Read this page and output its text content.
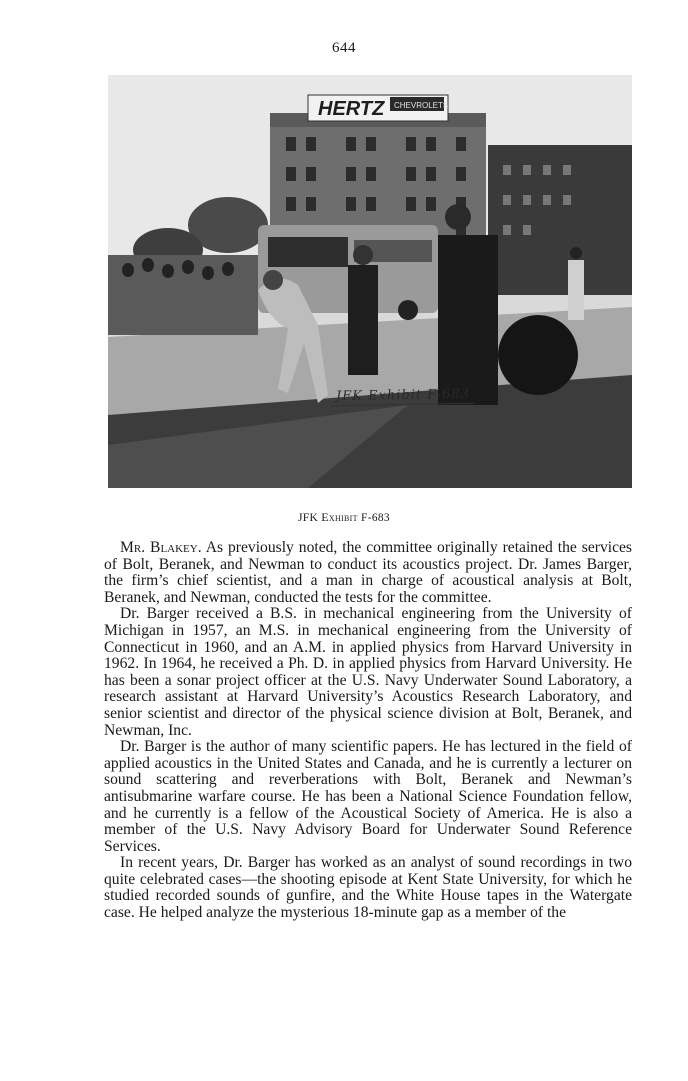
644
HERTZ CHEVROLETS
JFK Exhibit F-683
JFK Exhibit F-683

Mr. Blakey. As previously noted, the committee originally retained the services of Bolt, Beranek, and Newman to conduct its acoustics project. Dr. James Barger, the firm’s chief scientist, and a man in charge of acoustical analysis at Bolt, Beranek, and Newman, conducted the tests for the committee.

Dr. Barger received a B.S. in mechanical engineering from the University of Michigan in 1957, an M.S. in mechanical engineering from the University of Connecticut in 1960, and an A.M. in applied physics from Harvard University in 1962. In 1964, he received a Ph. D. in applied physics from Harvard University. He has been a sonar project officer at the U.S. Navy Underwater Sound Laboratory, a research assistant at Harvard University’s Acoustics Research Laboratory, and senior scientist and director of the physical science division at Bolt, Beranek, and Newman, Inc.

Dr. Barger is the author of many scientific papers. He has lectured in the field of applied acoustics in the United States and Canada, and he is currently a lecturer on sound scattering and reverberations with Bolt, Beranek and Newman’s antisubmarine warfare course. He has been a National Science Foundation fellow, and he currently is a fellow of the Acoustical Society of America. He is also a member of the U.S. Navy Advisory Board for Underwater Sound Reference Services.

In recent years, Dr. Barger has worked as an analyst of sound recordings in two quite celebrated cases—the shooting episode at Kent State University, for which he studied recorded sounds of gunfire, and the White House tapes in the Watergate case. He helped analyze the mysterious 18-minute gap as a member of the
